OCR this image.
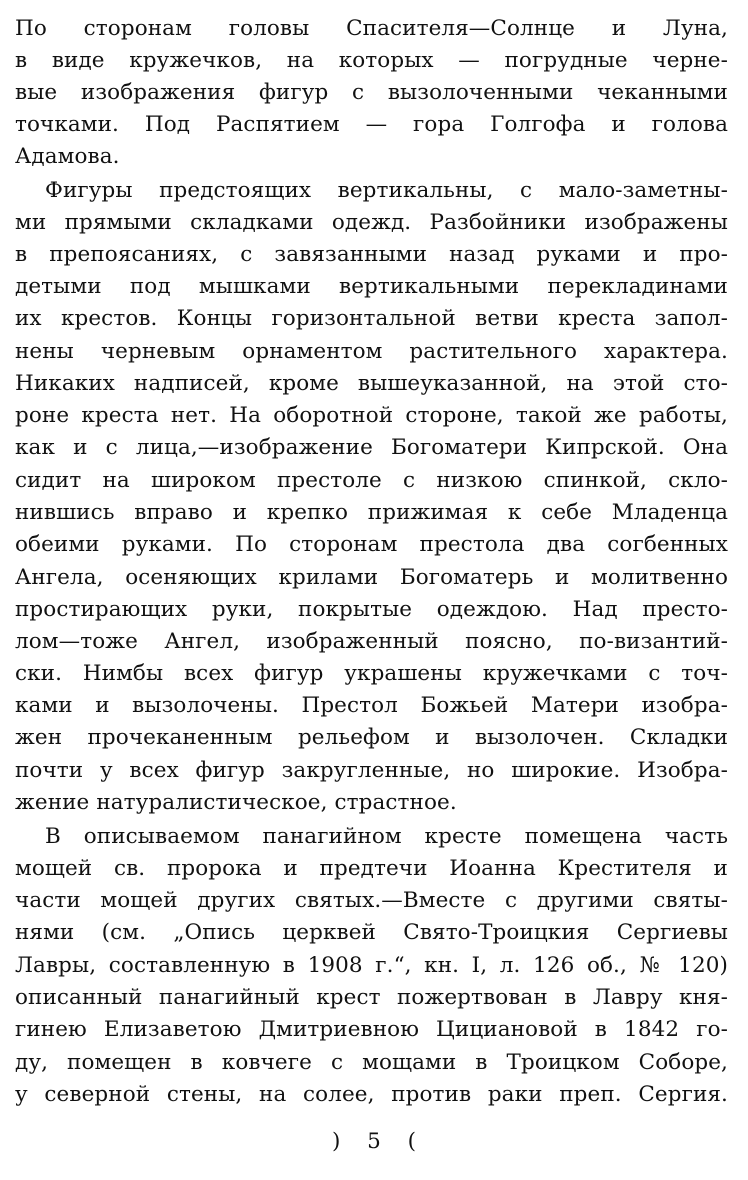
По сторонам головы Спасителя—Солнце и Луна,
в виде кружечков, на которых — погрудные черне-
вые изображения фигур с вызолоченными чеканными
точками. Под Распятием — гора Голгофа и голова
Адамова.
Фигуры предстоящих вертикальны, с мало-заметны-
ми прямыми складками одежд. Разбойники изображены
в препоясаниях, с завязанными назад руками и про-
детыми под мышками вертикальными перекладинами
их крестов. Концы горизонтальной ветви креста запол-
нены черневым орнаментом растительного характера.
Никаких надписей, кроме вышеуказанной, на этой сто-
роне креста нет. На оборотной стороне, такой же работы,
как и с лица,—изображение Богоматери Кипрской. Она
сидит на широком престоле с низкою спинкой, скло-
нившись вправо и крепко прижимая к себе Младенца
обеими руками. По сторонам престола два согбенных
Ангела, осеняющих крилами Богоматерь и молитвенно
простирающих руки, покрытые одеждою. Над престо-
лом—тоже Ангел, изображенный поясно, по-византий-
ски. Нимбы всех фигур украшены кружечками с точ-
ками и вызолочены. Престол Божьей Матери изобра-
жен прочеканенным рельефом и вызолочен. Складки
почти у всех фигур закругленные, но широкие. Изобра-
жение натуралистическое, страстное.
В описываемом панагийном кресте помещена часть
мощей св. пророка и предтечи Иоанна Крестителя и
части мощей других святых.—Вместе с другими святы-
нями (см. „Опись церквей Свято-Троицкия Сергиевы
Лавры, составленную в 1908 г.“, кн. I, л. 126 об., № 120)
описанный панагийный крест пожертвован в Лавру кня-
гинею Елизаветою Дмитриевною Цициановой в 1842 го-
ду, помещен в ковчеге с мощами в Троицком Соборе,
у северной стены, на солее, против раки преп. Сергия.
) 5 (
